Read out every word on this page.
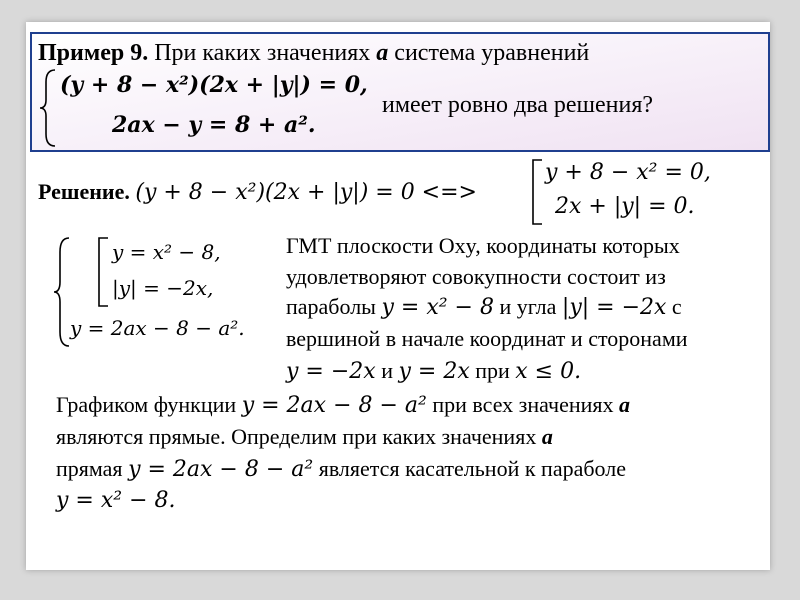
Пример 9. При каких значениях a система уравнений
(y + 8 − x²)(2x + |y|) = 0,
2ax − y = 8 + a².
имеет ровно два решения?
Решение. (y + 8 − x²)(2x + |y|) = 0 <=>
y + 8 − x² = 0,
2x + |y| = 0.
y = x² − 8,
|y| = −2x,
y = 2ax − 8 − a².
ГМТ плоскости Oxy, координаты которых
удовлетворяют совокупности состоит из
параболы y = x² − 8 и угла |y| = −2x с
вершиной в начале координат и сторонами
y = −2x и y = 2x при x ≤ 0.
Графиком функции y = 2ax − 8 − a² при всех значениях a
являются прямые. Определим при каких значениях a
прямая y = 2ax − 8 − a² является касательной к параболе
y = x² − 8.
